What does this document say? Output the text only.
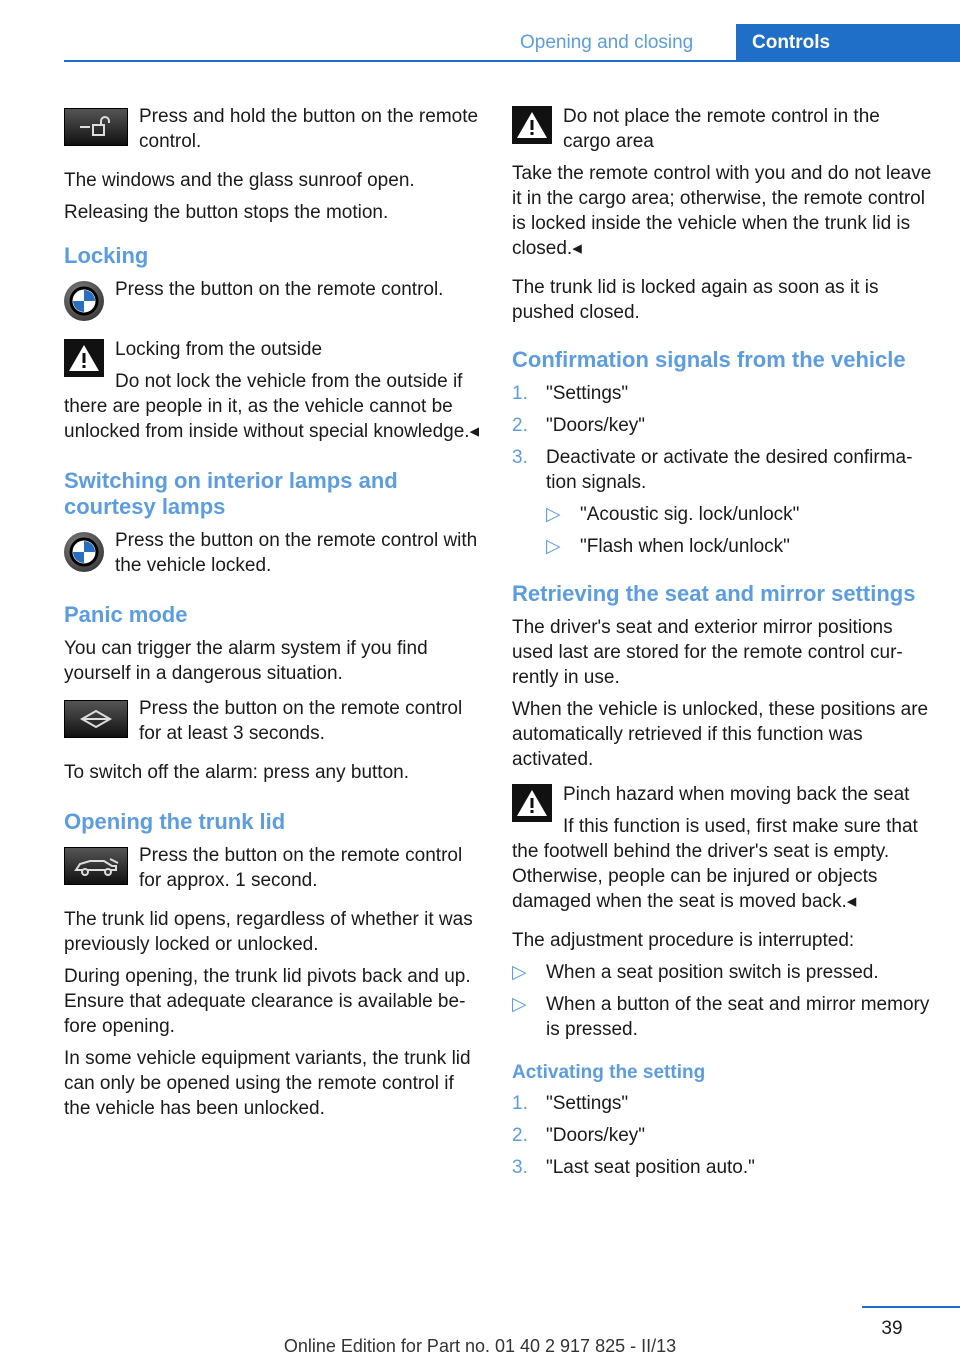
Opening and closing	Controls

Press and hold the button on the remote control.

The windows and the glass sunroof open.

Releasing the button stops the motion.

Locking

Press the button on the remote control.

Locking from the outside

Do not lock the vehicle from the outside if there are people in it, as the vehicle cannot be unlocked from inside without special knowledge.◂

Switching on interior lamps and courtesy lamps

Press the button on the remote control with the vehicle locked.

Panic mode

You can trigger the alarm system if you find yourself in a dangerous situation.

Press the button on the remote control for at least 3 seconds.

To switch off the alarm: press any button.

Opening the trunk lid

Press the button on the remote control for approx. 1 second.

The trunk lid opens, regardless of whether it was previously locked or unlocked.

During opening, the trunk lid pivots back and up. Ensure that adequate clearance is available before opening.

In some vehicle equipment variants, the trunk lid can only be opened using the remote control if the vehicle has been unlocked.

Do not place the remote control in the cargo area

Take the remote control with you and do not leave it in the cargo area; otherwise, the remote control is locked inside the vehicle when the trunk lid is closed.◂

The trunk lid is locked again as soon as it is pushed closed.

Confirmation signals from the vehicle
1. "Settings"
2. "Doors/key"
3. Deactivate or activate the desired confirmation signals.
▷ "Acoustic sig. lock/unlock"
▷ "Flash when lock/unlock"
Retrieving the seat and mirror settings

The driver's seat and exterior mirror positions used last are stored for the remote control currently in use.

When the vehicle is unlocked, these positions are automatically retrieved if this function was activated.

Pinch hazard when moving back the seat

If this function is used, first make sure that the footwell behind the driver's seat is empty. Otherwise, people can be injured or objects damaged when the seat is moved back.◂

The adjustment procedure is interrupted:

▷ When a seat position switch is pressed.
▷ When a button of the seat and mirror memory is pressed.
Activating the setting
1. "Settings"
2. "Doors/key"
3. "Last seat position auto."
39
Online Edition for Part no. 01 40 2 917 825 - II/13
